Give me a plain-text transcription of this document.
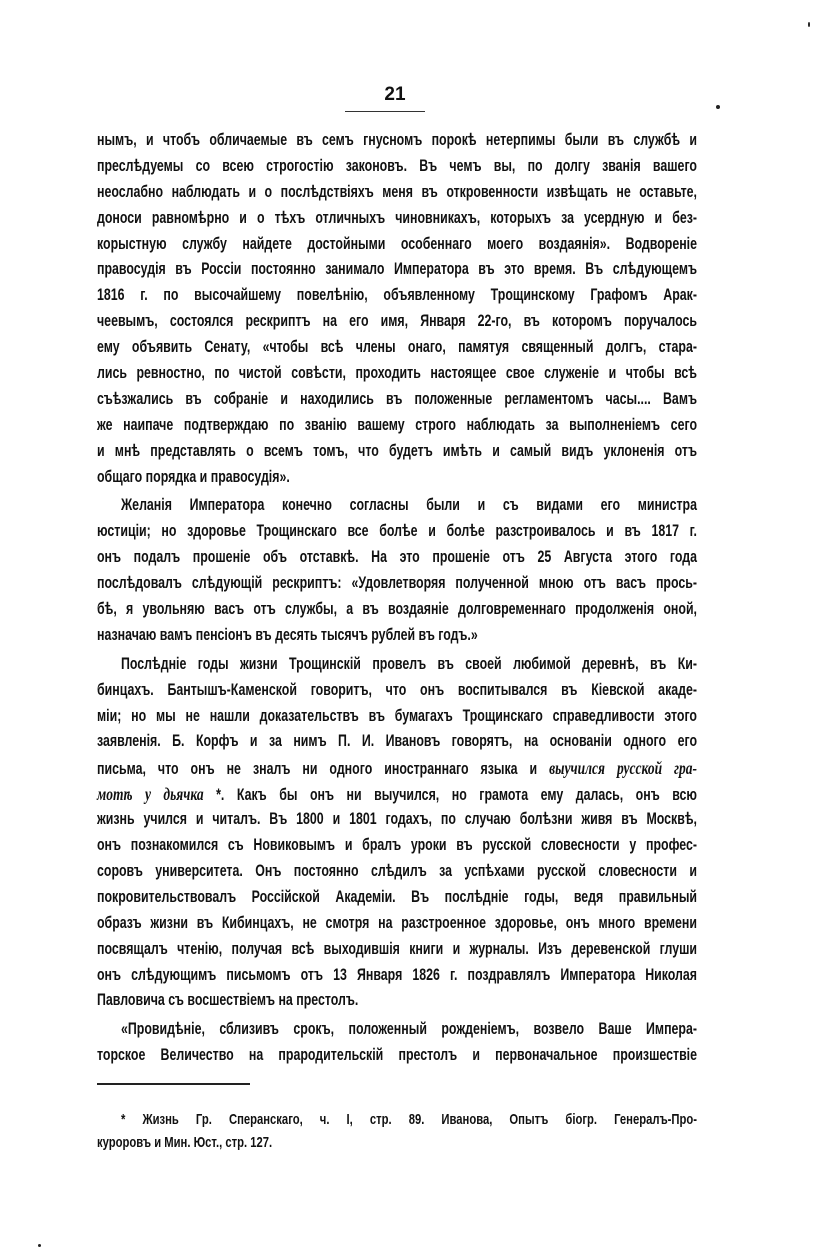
21
нымъ, и чтобъ обличаемые въ семъ гнусномъ порокѣ нетерпимы были въ службѣ и
преслѣдуемы со всею строгостію законовъ. Въ чемъ вы, по долгу званія вашего
неослабно наблюдать и о послѣдствіяхъ меня въ откровенности извѣщать не оставьте,
доноси равномѣрно и о тѣхъ отличныхъ чиновникахъ, которыхъ за усердную и без-
корыстную службу найдете достойными особеннаго моего воздаянія». Водвореніе
правосудія въ Россіи постоянно занимало Императора въ это время. Въ слѣдующемъ
1816 г. по высочайшему повелѣнію, объявленному Трощинскому Графомъ Арак-
чеевымъ, состоялся рескриптъ на его имя, Января 22-го, въ которомъ поручалось
ему объявить Сенату, «чтобы всѣ члены онаго, памятуя священный долгъ, стара-
лись ревностно, по чистой совѣсти, проходить настоящее свое служеніе и чтобы всѣ
съѣзжались въ собраніе и находились въ положенные регламентомъ часы.... Вамъ
же наипаче подтверждаю по званію вашему строго наблюдать за выполненіемъ сего
и мнѣ представлять о всемъ томъ, что будетъ имѣть и самый видъ уклоненія отъ
общаго порядка и правосудія».
Желанія Императора конечно согласны были и съ видами его министра
юстиціи; но здоровье Трощинскаго все болѣе и болѣе разстроивалось и въ 1817 г.
онъ подалъ прошеніе объ отставкѣ. На это прошеніе отъ 25 Августа этого года
послѣдовалъ слѣдующій рескриптъ: «Удовлетворяя полученной мною отъ васъ прось-
бѣ, я увольняю васъ отъ службы, а въ воздаяніе долговременнаго продолженія оной,
назначаю вамъ пенсіонъ въ десять тысячъ рублей въ годъ.»
Послѣдніе годы жизни Трощинскій провелъ въ своей любимой деревнѣ, въ Ки-
бинцахъ. Бантышъ-Каменской говоритъ, что онъ воспитывался въ Кіевской акаде-
міи; но мы не нашли доказательствъ въ бумагахъ Трощинскаго справедливости этого
заявленія. Б. Корфъ и за нимъ П. И. Ивановъ говорятъ, на основаніи одного его
письма, что онъ не зналъ ни одного иностраннаго языка и выучился русской гра-
мотѣ у дьячка *. Какъ бы онъ ни выучился, но грамота ему далась, онъ всю
жизнь учился и читалъ. Въ 1800 и 1801 годахъ, по случаю болѣзни живя въ Москвѣ,
онъ познакомился съ Новиковымъ и бралъ уроки въ русской словесности у профес-
соровъ университета. Онъ постоянно слѣдилъ за успѣхами русской словесности и
покровительствовалъ Россійской Академіи. Въ послѣдніе годы, ведя правильный
образъ жизни въ Кибинцахъ, не смотря на разстроенное здоровье, онъ много времени
посвящалъ чтенію, получая всѣ выходившія книги и журналы. Изъ деревенской глуши
онъ слѣдующимъ письмомъ отъ 13 Января 1826 г. поздравлялъ Императора Николая
Павловича съ восшествіемъ на престолъ.
«Провидѣніе, сблизивъ срокъ, положенный рожденіемъ, возвело Ваше Импера-
торское Величество на прародительскій престолъ и первоначальное произшествіе
* Жизнь Гр. Сперанскаго, ч. I, стр. 89. Иванова, Опытъ біогр. Генералъ-Про-
куроровъ и Мин. Юст., стр. 127.
